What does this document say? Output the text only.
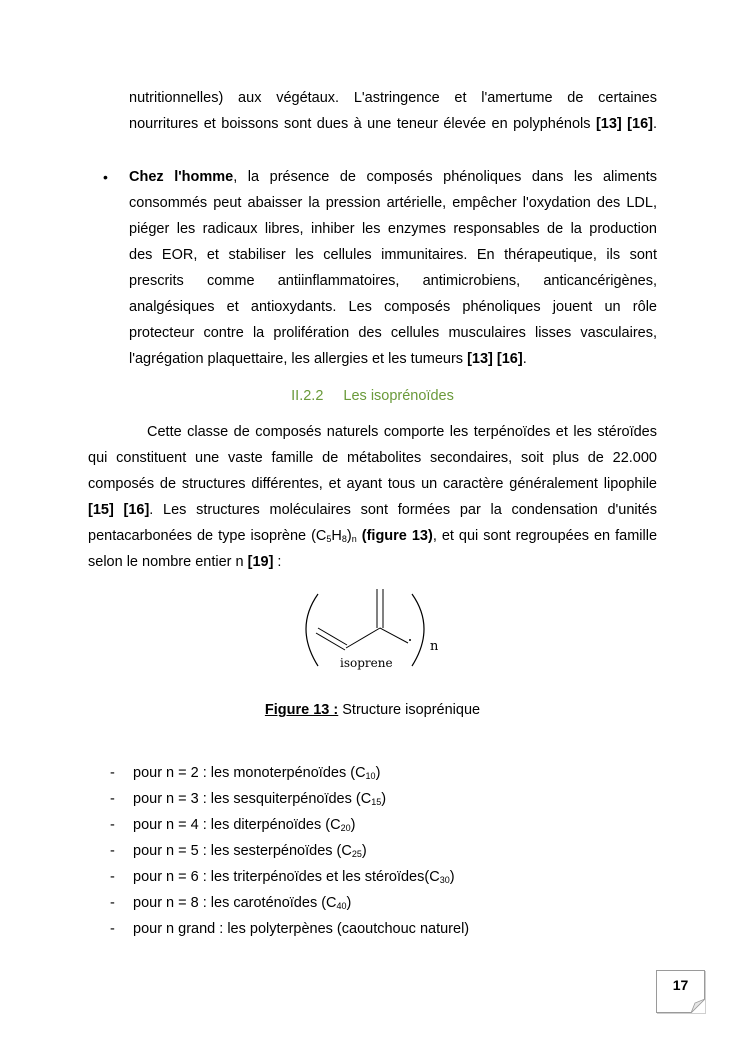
nutritionnelles) aux végétaux. L'astringence et l'amertume de certaines
nourritures et boissons sont dues à une teneur élevée en polyphénols [13] [16].
• Chez l'homme, la présence de composés phénoliques dans les aliments
consommés peut abaisser la pression artérielle, empêcher l'oxydation des LDL,
piéger les radicaux libres, inhiber les enzymes responsables de la production
des EOR, et stabiliser les cellules immunitaires. En thérapeutique, ils sont
prescrits comme antiinflammatoires, antimicrobiens, anticancérigènes,
analgésiques et antioxydants. Les composés phénoliques jouent un rôle
protecteur contre la prolifération des cellules musculaires lisses vasculaires,
l'agrégation plaquettaire, les allergies et les tumeurs [13] [16].
II.2.2 Les isoprénoïdes
Cette classe de composés naturels comporte les terpénoïdes et les stéroïdes
qui constituent une vaste famille de métabolites secondaires, soit plus de 22.000
composés de structures différentes, et ayant tous un caractère généralement lipophile
[15] [16]. Les structures moléculaires sont formées par la condensation d'unités
pentacarbonées de type isoprène $(C_5H_8)_n$ (figure 13), et qui sont regroupées en famille
selon le nombre entier n [19] :
n
isoprene
Figure 13 : Structure isoprénique
- pour n = 2 : les monoterpénoïdes $(C_{10})$
- pour n = 3 : les sesquiterpénoïdes $(C_{15})$
- pour n = 4 : les diterpénoïdes $(C_{20})$
- pour n = 5 : les sesterpénoïdes $(C_{25})$
- pour n = 6 : les triterpénoïdes et les $stéroïdes(C_{30})$
- pour n = 8 : les caroténoïdes $(C_{40})$
- pour n grand : les polyterpènes (caoutchouc naturel)
17
